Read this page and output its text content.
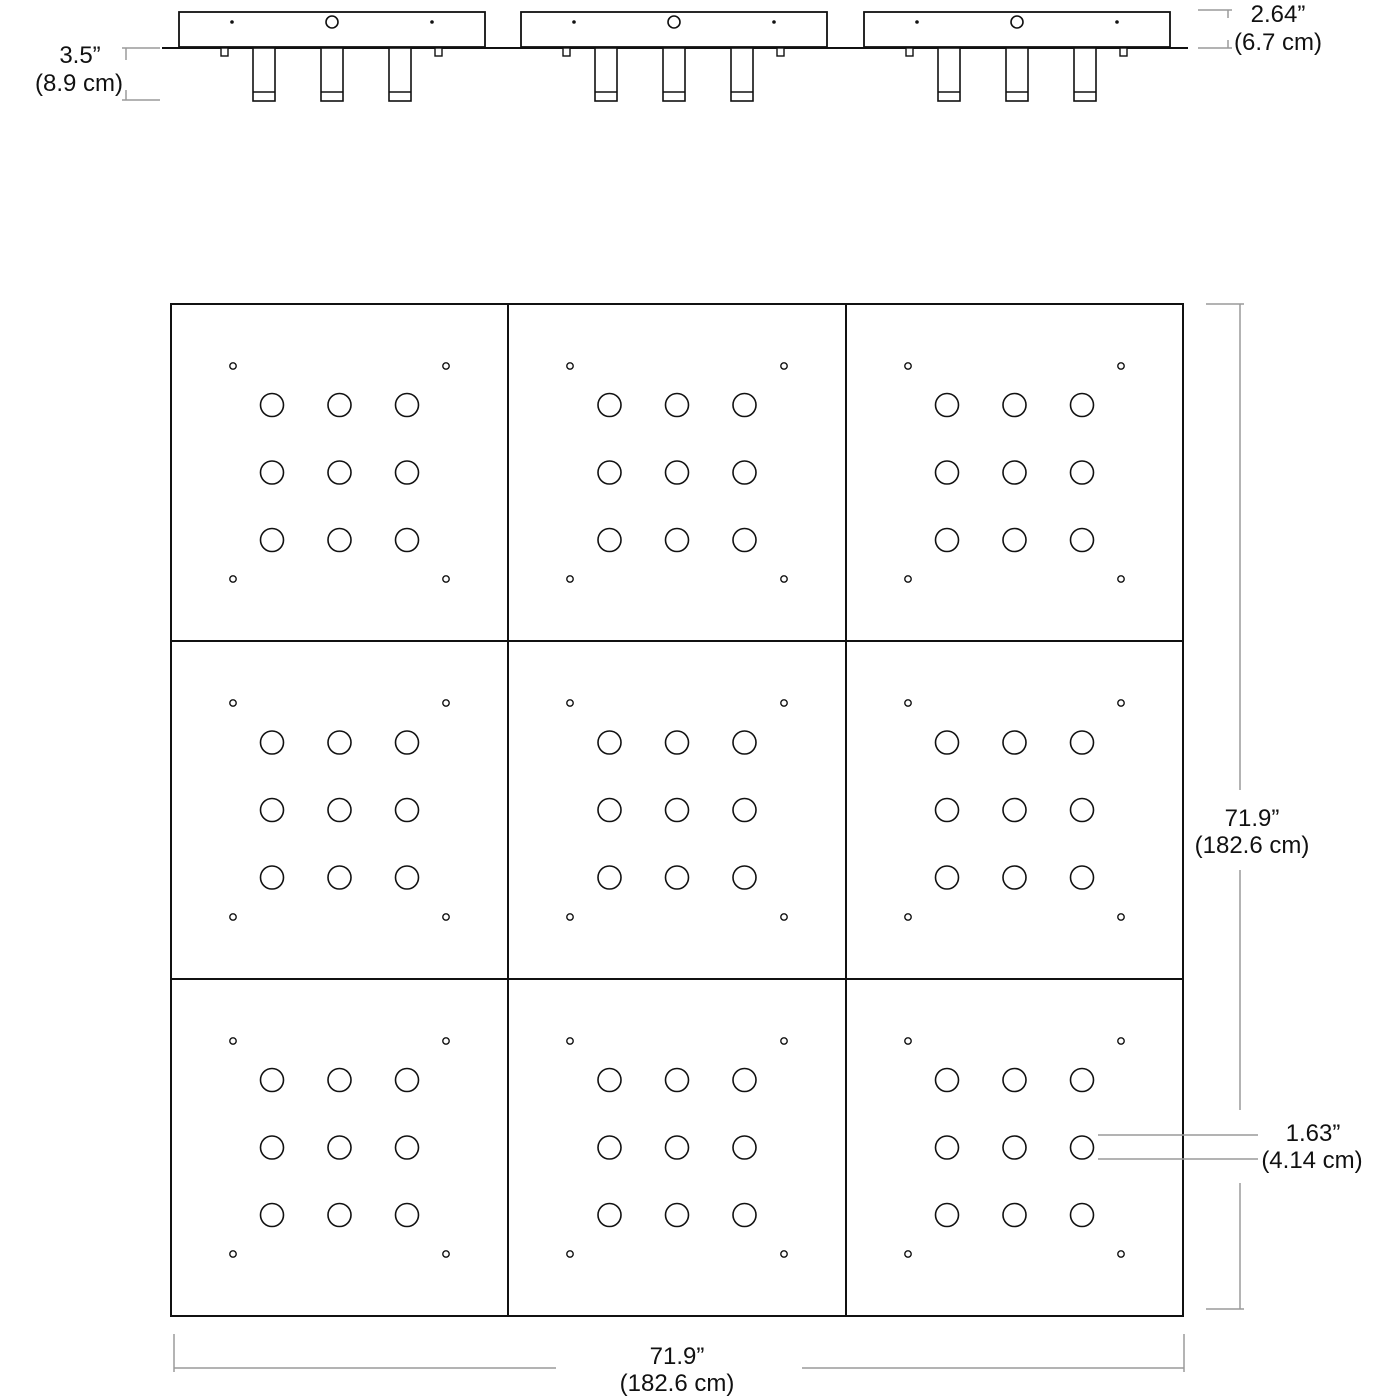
3.5”
(8.9 cm)
2.64”
(6.7 cm)
71.9”
(182.6 cm)
1.63”
(4.14 cm)
71.9”
(182.6 cm)
